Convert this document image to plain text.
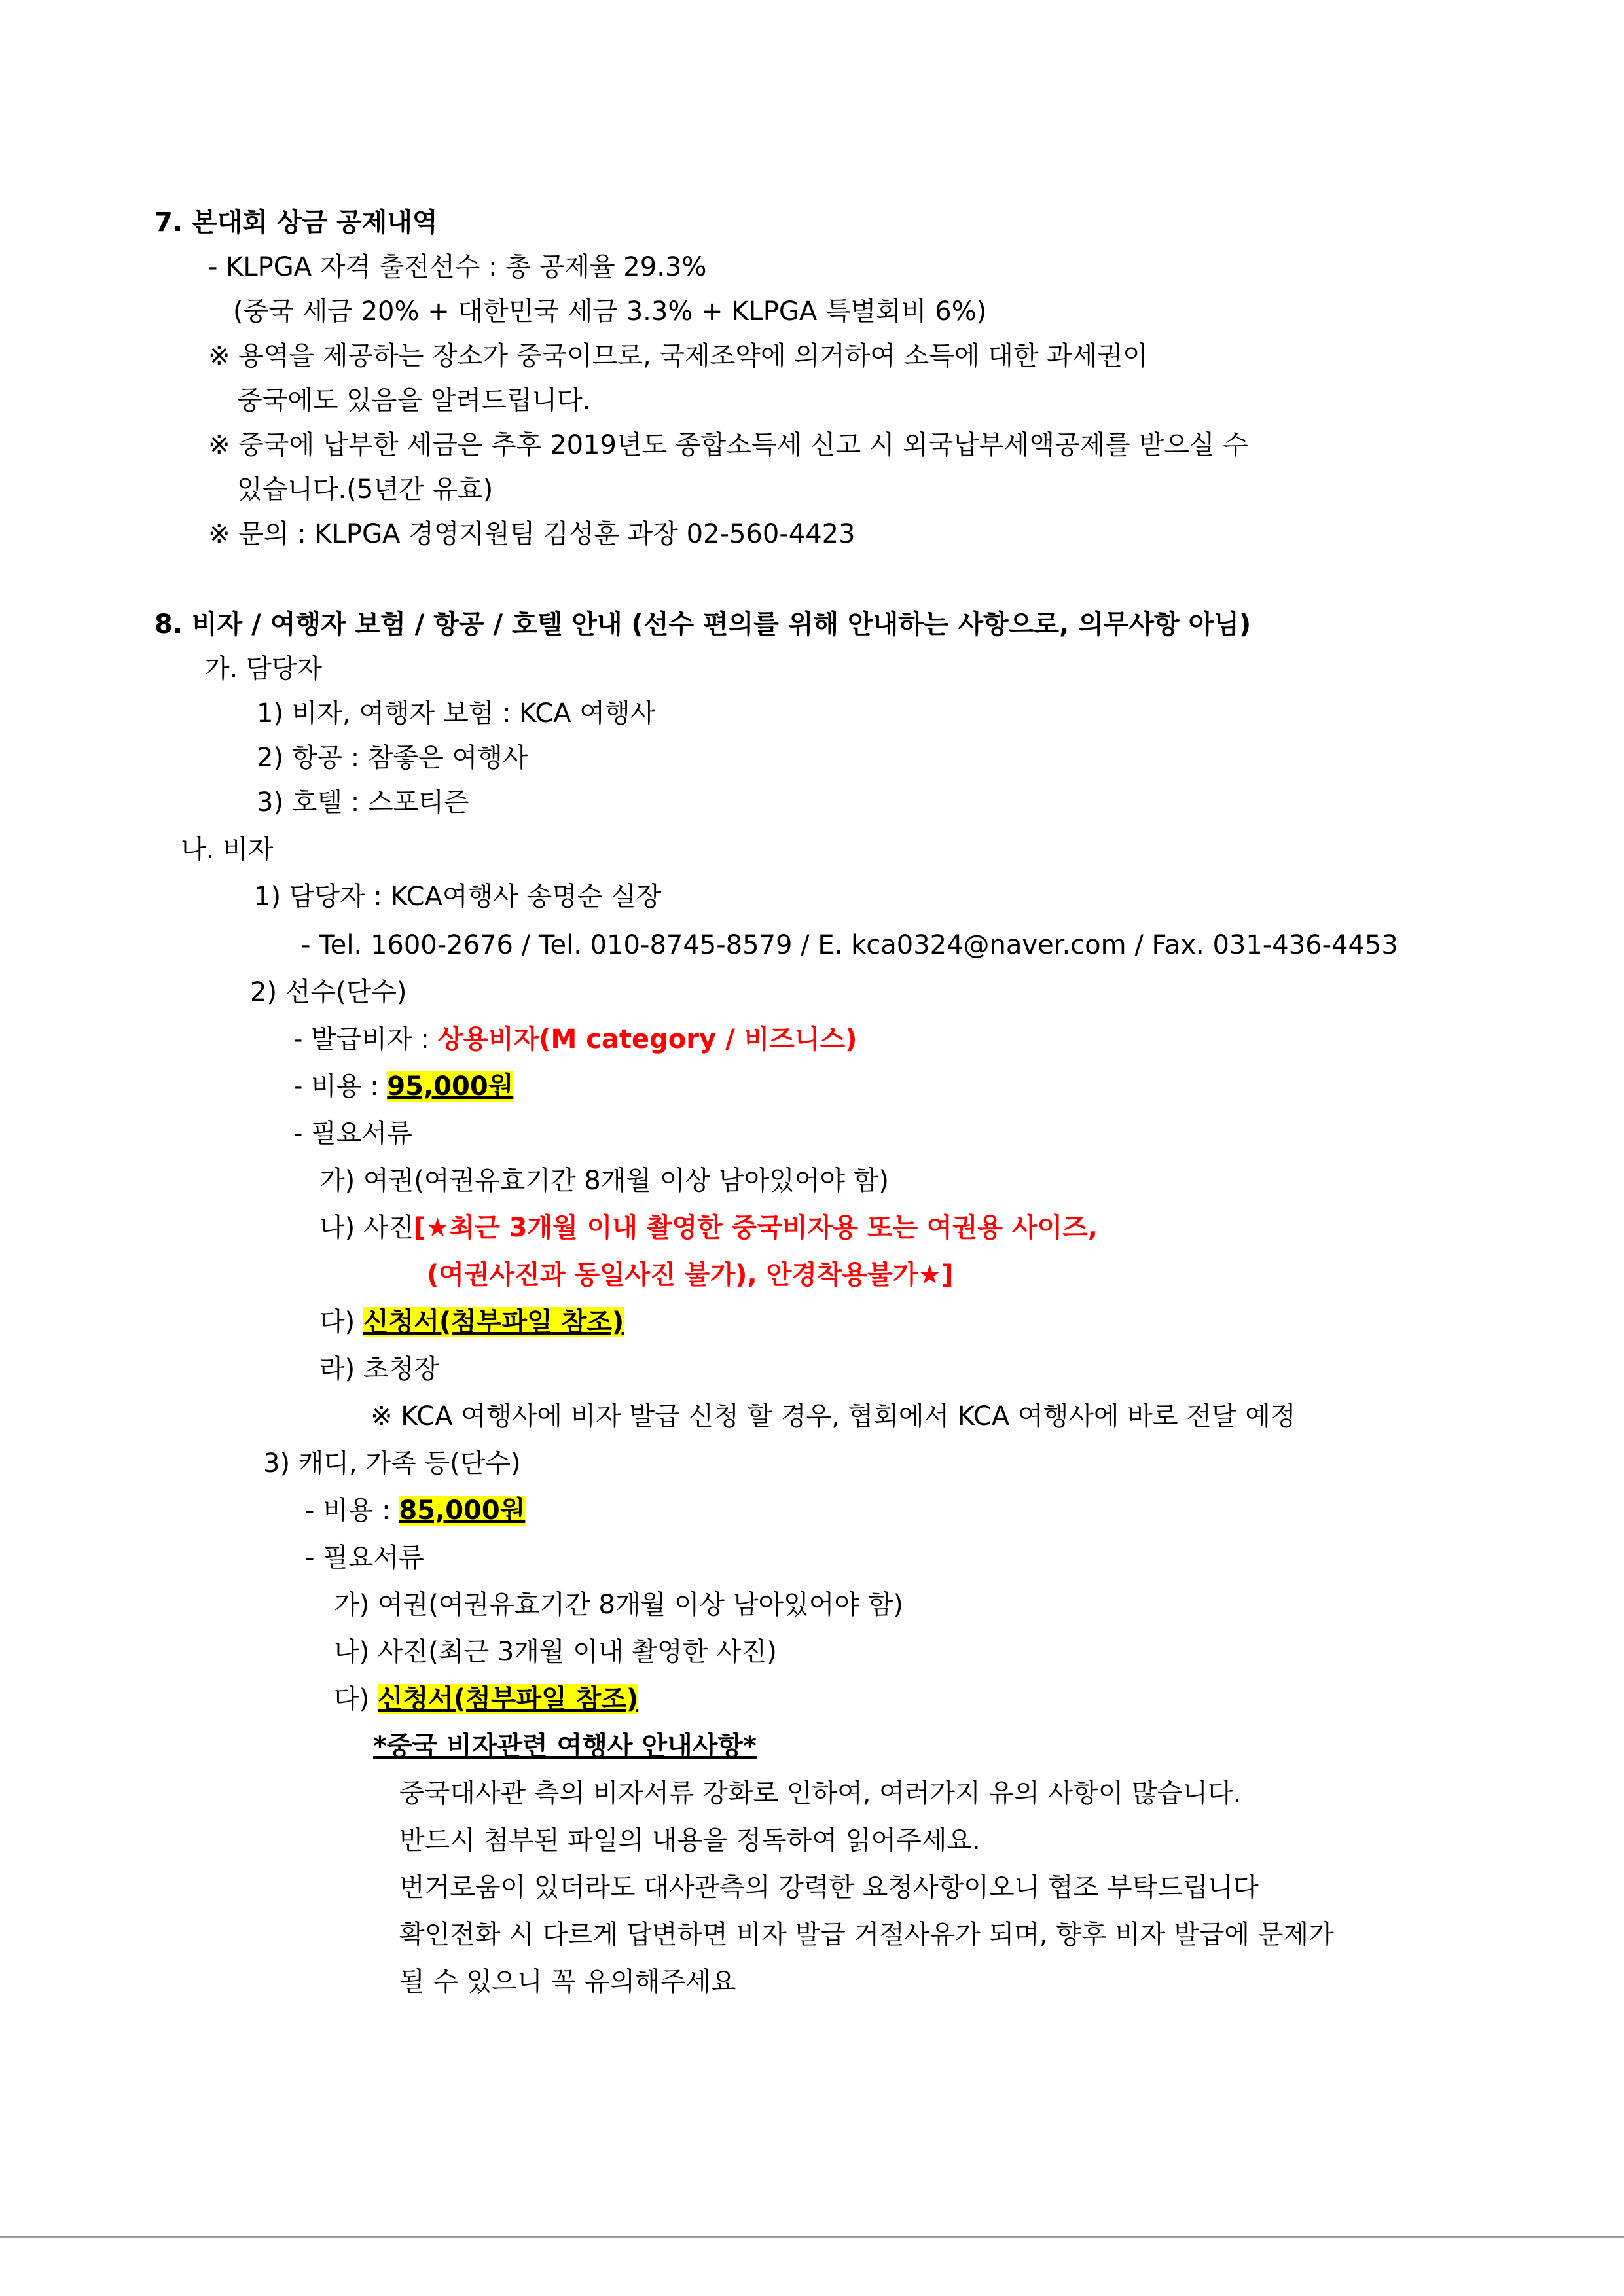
7. 본대회 상금 공제내역
- KLPGA 자격 출전선수 : 총 공제율 29.3%
(중국 세금 20% + 대한민국 세금 3.3% + KLPGA 특별회비 6%)
※ 용역을 제공하는 장소가 중국이므로, 국제조약에 의거하여 소득에 대한 과세권이
중국에도 있음을 알려드립니다.
※ 중국에 납부한 세금은 추후 2019년도 종합소득세 신고 시 외국납부세액공제를 받으실 수
있습니다.(5년간 유효)
※ 문의 : KLPGA 경영지원팀 김성훈 과장 02-560-4423
8. 비자 / 여행자 보험 / 항공 / 호텔 안내 (선수 편의를 위해 안내하는 사항으로, 의무사항 아님)
가. 담당자
1) 비자, 여행자 보험 : KCA 여행사
2) 항공 : 참좋은 여행사
3) 호텔 : 스포티즌
나. 비자
1) 담당자 : KCA여행사 송명순 실장
- Tel. 1600-2676 / Tel. 010-8745-8579 / E. kca0324@naver.com / Fax. 031-436-4453
2) 선수(단수)
- 발급비자 : 상용비자(M category / 비즈니스)
- 비용 : 95,000원
- 필요서류
가) 여권(여권유효기간 8개월 이상 남아있어야 함)
나) 사진[★최근 3개월 이내 촬영한 중국비자용 또는 여권용 사이즈,
(여권사진과 동일사진 불가), 안경착용불가★]
다) 신청서(첨부파일 참조)
라) 초청장
※ KCA 여행사에 비자 발급 신청 할 경우, 협회에서 KCA 여행사에 바로 전달 예정
3) 캐디, 가족 등(단수)
- 비용 : 85,000원
- 필요서류
가) 여권(여권유효기간 8개월 이상 남아있어야 함)
나) 사진(최근 3개월 이내 촬영한 사진)
다) 신청서(첨부파일 참조)
*중국 비자관련 여행사 안내사항*
중국대사관 측의 비자서류 강화로 인하여, 여러가지 유의 사항이 많습니다.
반드시 첨부된 파일의 내용을 정독하여 읽어주세요.
번거로움이 있더라도 대사관측의 강력한 요청사항이오니 협조 부탁드립니다
확인전화 시 다르게 답변하면 비자 발급 거절사유가 되며, 향후 비자 발급에 문제가
될 수 있으니 꼭 유의해주세요
